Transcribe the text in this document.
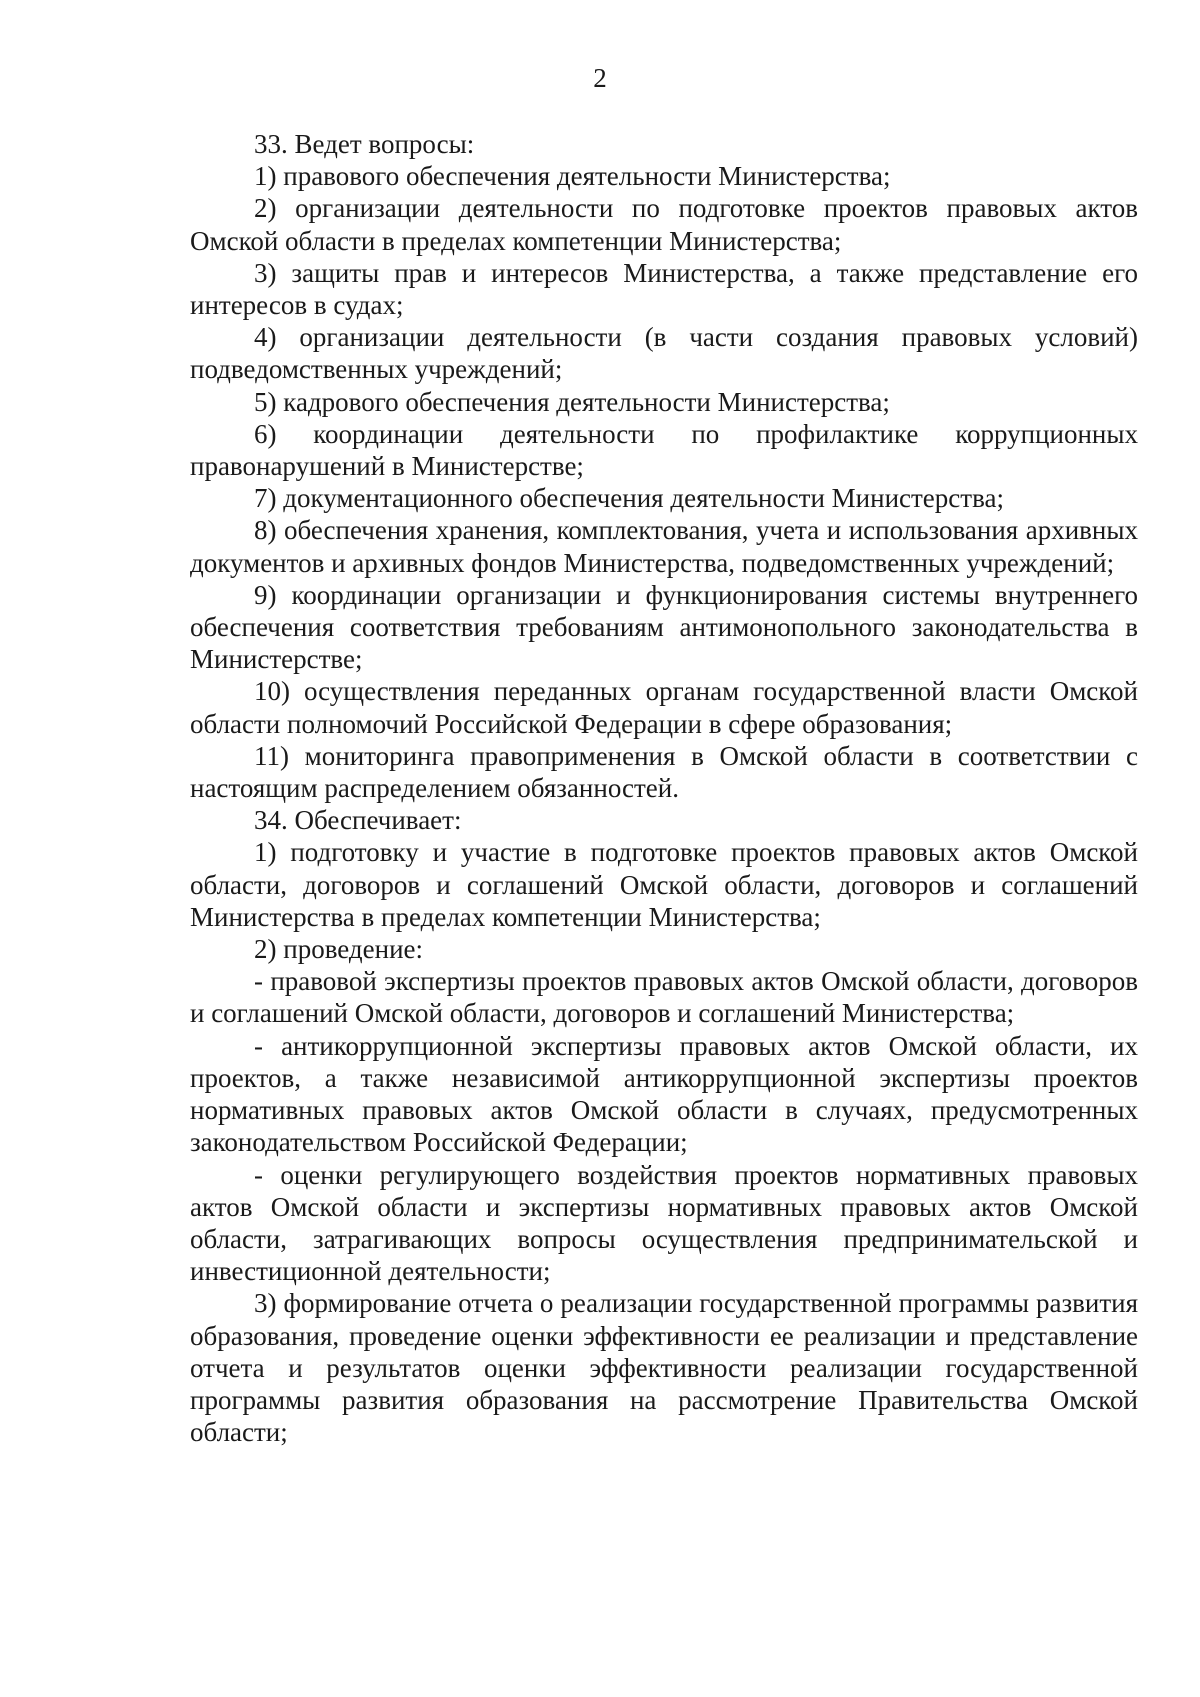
2

33. Ведет вопросы:

1) правового обеспечения деятельности Министерства;

2) организации деятельности по подготовке проектов правовых актов Омской области в пределах компетенции Министерства;

3) защиты прав и интересов Министерства, а также представление его интересов в судах;

4) организации деятельности (в части создания правовых условий) подведомственных учреждений;

5) кадрового обеспечения деятельности Министерства;

6) координации деятельности по профилактике коррупционных правонарушений в Министерстве;

7) документационного обеспечения деятельности Министерства;

8) обеспечения хранения, комплектования, учета и использования архивных документов и архивных фондов Министерства, подведомственных учреждений;

9) координации организации и функционирования системы внутреннего обеспечения соответствия требованиям антимонопольного законодательства в Министерстве;

10) осуществления переданных органам государственной власти Омской области полномочий Российской Федерации в сфере образования;

11) мониторинга правоприменения в Омской области в соответствии с настоящим распределением обязанностей.

34. Обеспечивает:

1) подготовку и участие в подготовке проектов правовых актов Омской области, договоров и соглашений Омской области, договоров и соглашений Министерства в пределах компетенции Министерства;

2) проведение:

- правовой экспертизы проектов правовых актов Омской области, договоров и соглашений Омской области, договоров и соглашений Министерства;

- антикоррупционной экспертизы правовых актов Омской области, их проектов, а также независимой антикоррупционной экспертизы проектов нормативных правовых актов Омской области в случаях, предусмотренных законодательством Российской Федерации;

- оценки регулирующего воздействия проектов нормативных правовых актов Омской области и экспертизы нормативных правовых актов Омской области, затрагивающих вопросы осуществления предпринимательской и инвестиционной деятельности;

3) формирование отчета о реализации государственной программы развития образования, проведение оценки эффективности ее реализации и представление отчета и результатов оценки эффективности реализации государственной программы развития образования на рассмотрение Правительства Омской области;
